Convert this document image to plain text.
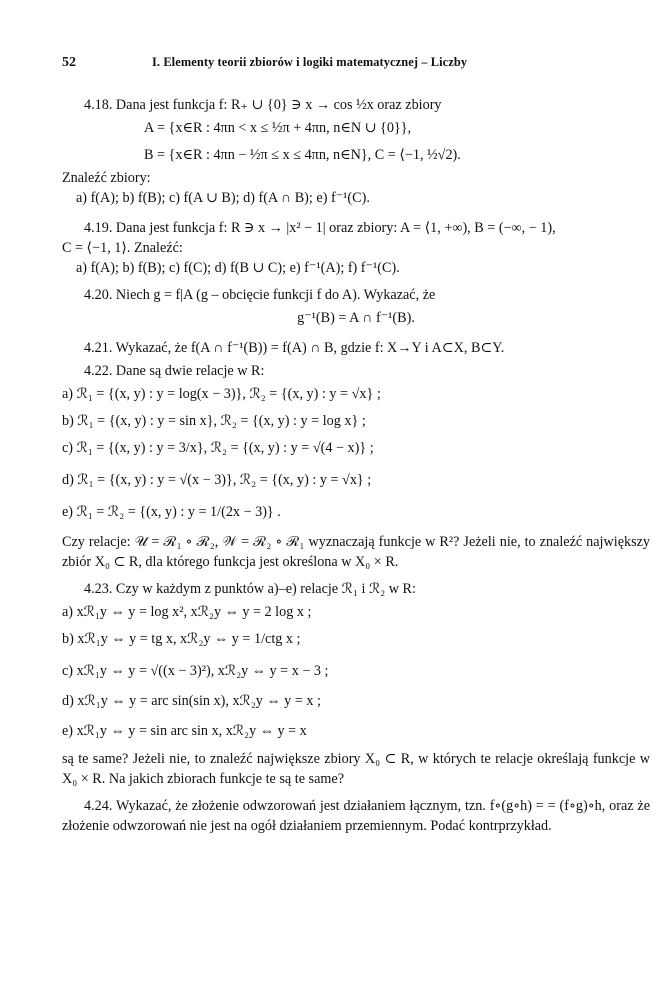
52	I. Elementy teorii zbiorów i logiki matematycznej – Liczby
4.18. Dana jest funkcja f: R₊ ∪ {0} ∋ x → cos ½x oraz zbiory
A = {x∈R : 4πn < x ≤ ½π + 4πn, n∈N ∪ {0}},
B = {x∈R : 4πn − ½π ≤ x ≤ 4πn, n∈N}, C = ⟨−1, ½√2).
Znaleźć zbiory:
a) f(A); b) f(B); c) f(A ∪ B); d) f(A ∩ B); e) f⁻¹(C).
4.19. Dana jest funkcja f: R ∋ x → |x² − 1| oraz zbiory: A = ⟨1, +∞), B = (−∞, − 1),
C = ⟨−1, 1⟩. Znaleźć:
a) f(A); b) f(B); c) f(C); d) f(B ∪ C); e) f⁻¹(A); f) f⁻¹(C).
4.20. Niech g = f|A (g – obcięcie funkcji f do A). Wykazać, że
g⁻¹(B) = A ∩ f⁻¹(B).
4.21. Wykazać, że f(A ∩ f⁻¹(B)) = f(A) ∩ B, gdzie f: X→Y i A⊂X, B⊂Y.
4.22. Dane są dwie relacje w R:
a) ℛ₁ = {(x, y) : y = log(x − 3)}, ℛ₂ = {(x, y) : y = √x} ;
b) ℛ₁ = {(x, y) : y = sin x}, ℛ₂ = {(x, y) : y = log x} ;
c) ℛ₁ = {(x, y) : y = 3/x}, ℛ₂ = {(x, y) : y = √(4 − x)} ;
d) ℛ₁ = {(x, y) : y = √(x − 3)}, ℛ₂ = {(x, y) : y = √x} ;
e) ℛ₁ = ℛ₂ = {(x, y) : y = 1/(2x − 3)} .
Czy relacje: 𝒰 = ℛ₁ ∘ ℛ₂, 𝒲 = ℛ₂ ∘ ℛ₁ wyznaczają funkcje w R²? Jeżeli nie, to znaleźć największy zbiór X₀ ⊂ R, dla którego funkcja jest określona w X₀ × R.
4.23. Czy w każdym z punktów a)–e) relacje ℛ₁ i ℛ₂ w R:
a) xℛ₁y ⇔ y = log x², xℛ₂y ⇔ y = 2 log x ;
b) xℛ₁y ⇔ y = tg x, xℛ₂y ⇔ y = 1/ctg x ;
c) xℛ₁y ⇔ y = √((x − 3)²), xℛ₂y ⇔ y = x − 3 ;
d) xℛ₁y ⇔ y = arc sin(sin x), xℛ₂y ⇔ y = x ;
e) xℛ₁y ⇔ y = sin arc sin x, xℛ₂y ⇔ y = x
są te same? Jeżeli nie, to znaleźć największe zbiory X₀ ⊂ R, w których te relacje określają funkcje w X₀ × R. Na jakich zbiorach funkcje te są te same?
4.24. Wykazać, że złożenie odwzorowań jest działaniem łącznym, tzn. f∘(g∘h) = = (f∘g)∘h, oraz że złożenie odwzorowań nie jest na ogół działaniem przemiennym. Podać kontrprzykład.
